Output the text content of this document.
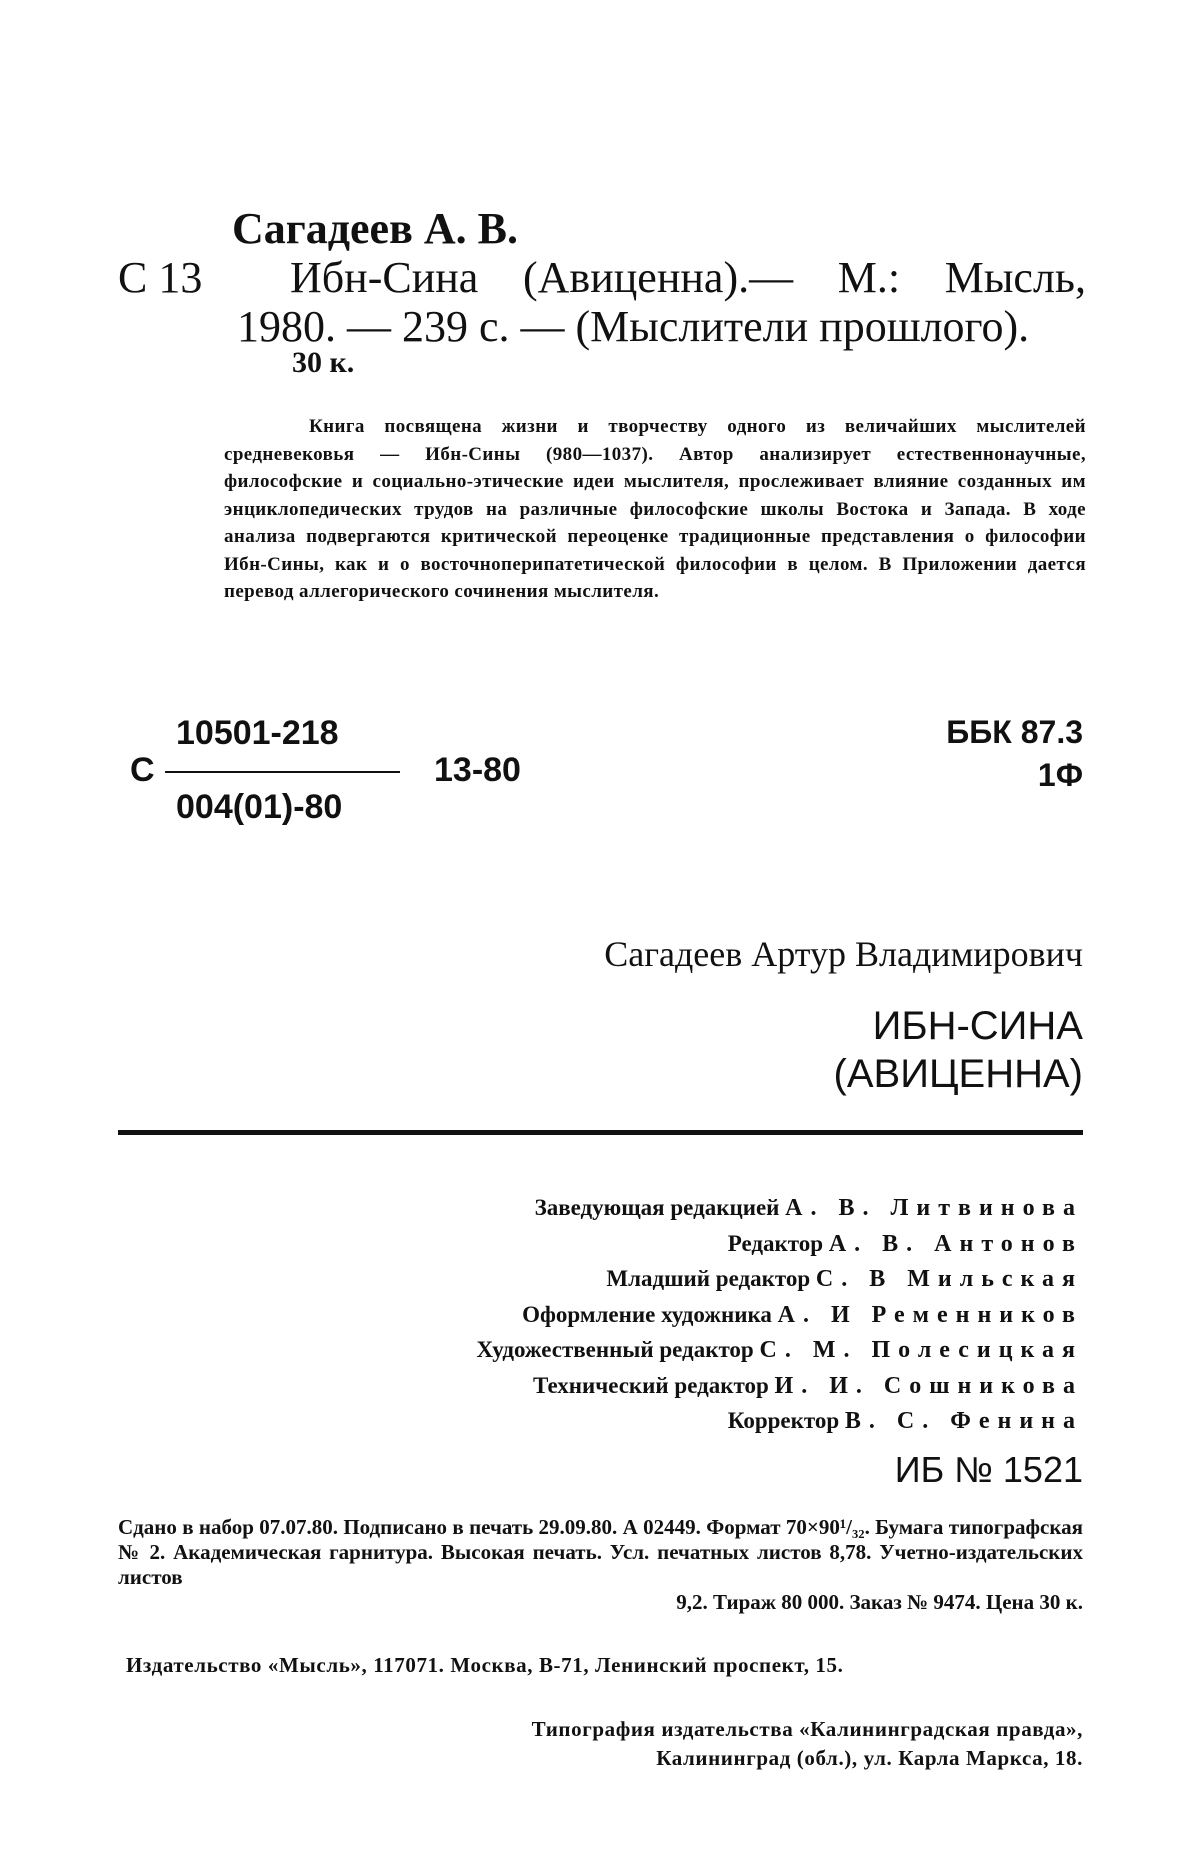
Сагадеев А. В.
С 13 Ибн-Сина (Авиценна).— М.: Мысль,
1980. — 239 с. — (Мыслители прошлого).
30 к.
Книга посвящена жизни и творчеству одного из величайших мыслителей средневековья — Ибн-Сины (980—1037). Автор анализирует естественнонаучные, философские и социально-этические идеи мыслителя, прослеживает влияние созданных им энциклопедических трудов на различные философские школы Востока и Запада. В ходе анализа подвергаются критической переоценке традиционные представления о философии Ибн-Сины, как и о восточноперипатетической философии в целом. В Приложении дается перевод аллегорического сочинения мыслителя.
С
10501-218
004(01)-80
13-80
ББК 87.3
1Ф
Сагадеев Артур Владимирович
ИБН-СИНА
(АВИЦЕННА)
Заведующая редакцией А. В. Литвинова
Редактор А. В. Антонов
Младший редактор С. В Мильская
Оформление художника А. И Ременников
Художественный редактор С. М. Полесицкая
Технический редактор И. И. Сошникова
Корректор В. С. Фенина
ИБ № 1521
Сдано в набор 07.07.80. Подписано в печать 29.09.80. А 02449. Формат 70×90¹/₃₂. Бумага типографская № 2. Академическая гарнитура. Высокая печать. Усл. печатных листов 8,78. Учетно-издательских листов
9,2. Тираж 80 000. Заказ № 9474. Цена 30 к.
Издательство «Мысль», 117071. Москва, В-71, Ленинский проспект, 15.
Типография издательства «Калининградская правда»,
Калининград (обл.), ул. Карла Маркса, 18.
